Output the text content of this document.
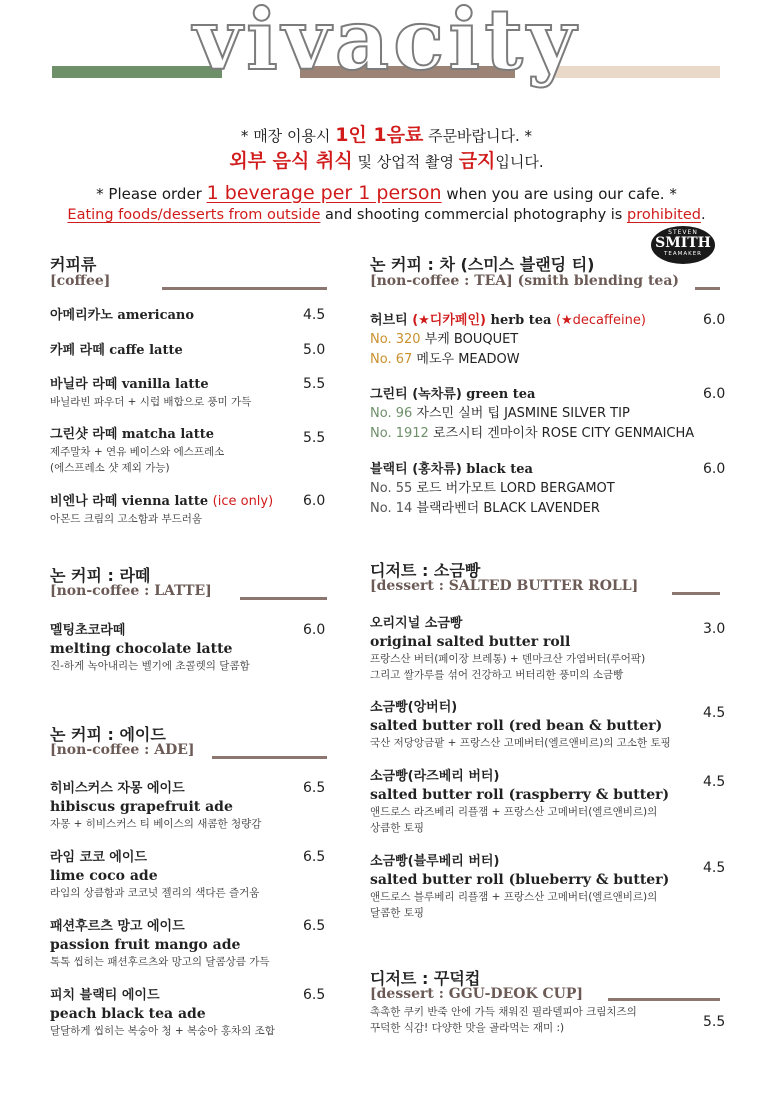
vivacity
* 매장 이용시 1인 1음료 주문바랍니다. *
외부 음식 취식 및 상업적 촬영 금지입니다.
* Please order 1 beverage per 1 person when you are using our cafe. *
Eating foods/desserts from outside and shooting commercial photography is prohibited.
커피류
[coffee]
아메리카노 americano	4.5
카페 라떼 caffe latte	5.0
바닐라 라떼 vanilla latte
바닐라빈 파우더 + 시럽 배합으로 풍미 가득
5.5
그린샷 라떼 matcha latte
제주말차 + 연유 베이스와 에스프레소
(에스프레소 샷 제외 가능)
5.5
비엔나 라떼 vienna latte (ice only)
아몬드 크림의 고소함과 부드러움
6.0
논 커피 : 라떼
[non-coffee : LATTE]
멜팅초코라떼
melting chocolate latte
진-하게 녹아내리는 벨기에 초콜렛의 달콤함
6.0
논 커피 : 에이드
[non-coffee : ADE]
히비스커스 자몽 에이드
hibiscus grapefruit ade
자몽 + 히비스커스 티 베이스의 새콤한 청량감
6.5
라임 코코 에이드
lime coco ade
라임의 상큼함과 코코넛 젤리의 색다른 즐거움
6.5
패션후르츠 망고 에이드
passion fruit mango ade
톡톡 씹히는 패션후르츠와 망고의 달콤상큼 가득
6.5
피치 블랙티 에이드
peach black tea ade
달달하게 씹히는 복숭아 청 + 복숭아 홍차의 조합
6.5
논 커피 : 차 (스미스 블랜딩 티)
[non-coffee : TEA] (smith blending tea)
STEVEN
SMITH
TEAMAKER
허브티 (★디카페인) herb tea (★decaffeine)
No. 320 부케 BOUQUET
No. 67 메도우 MEADOW
6.0
그린티 (녹차류) green tea
No. 96 자스민 실버 팁 JASMINE SILVER TIP
No. 1912 로즈시티 겐마이차 ROSE CITY GENMAICHA
6.0
블랙티 (홍차류) black tea
No. 55 로드 버가모트 LORD BERGAMOT
No. 14 블랙라벤더 BLACK LAVENDER
6.0
디저트 : 소금빵
[dessert : SALTED BUTTER ROLL]
오리지널 소금빵
original salted butter roll
프랑스산 버터(페이장 브레통) + 덴마크산 가염버터(루어팍)
그리고 쌀가루를 섞어 건강하고 버터리한 풍미의 소금빵
3.0
소금빵(앙버터)
salted butter roll (red bean & butter)
국산 저당앙금팥 + 프랑스산 고메버터(엘르앤비르)의 고소한 토핑
4.5
소금빵(라즈베리 버터)
salted butter roll (raspberry & butter)
앤드로스 라즈베리 리플잼 + 프랑스산 고메버터(엘르앤비르)의
상큼한 토핑
4.5
소금빵(블루베리 버터)
salted butter roll (blueberry & butter)
앤드로스 블루베리 리플잼 + 프랑스산 고메버터(엘르앤비르)의
달콤한 토핑
4.5
디저트 : 꾸덕컵
[dessert : GGU-DEOK CUP]
촉촉한 쿠키 반죽 안에 가득 채워진 필라델피아 크림치즈의
꾸덕한 식감! 다양한 맛을 골라먹는 재미 :)	5.5
